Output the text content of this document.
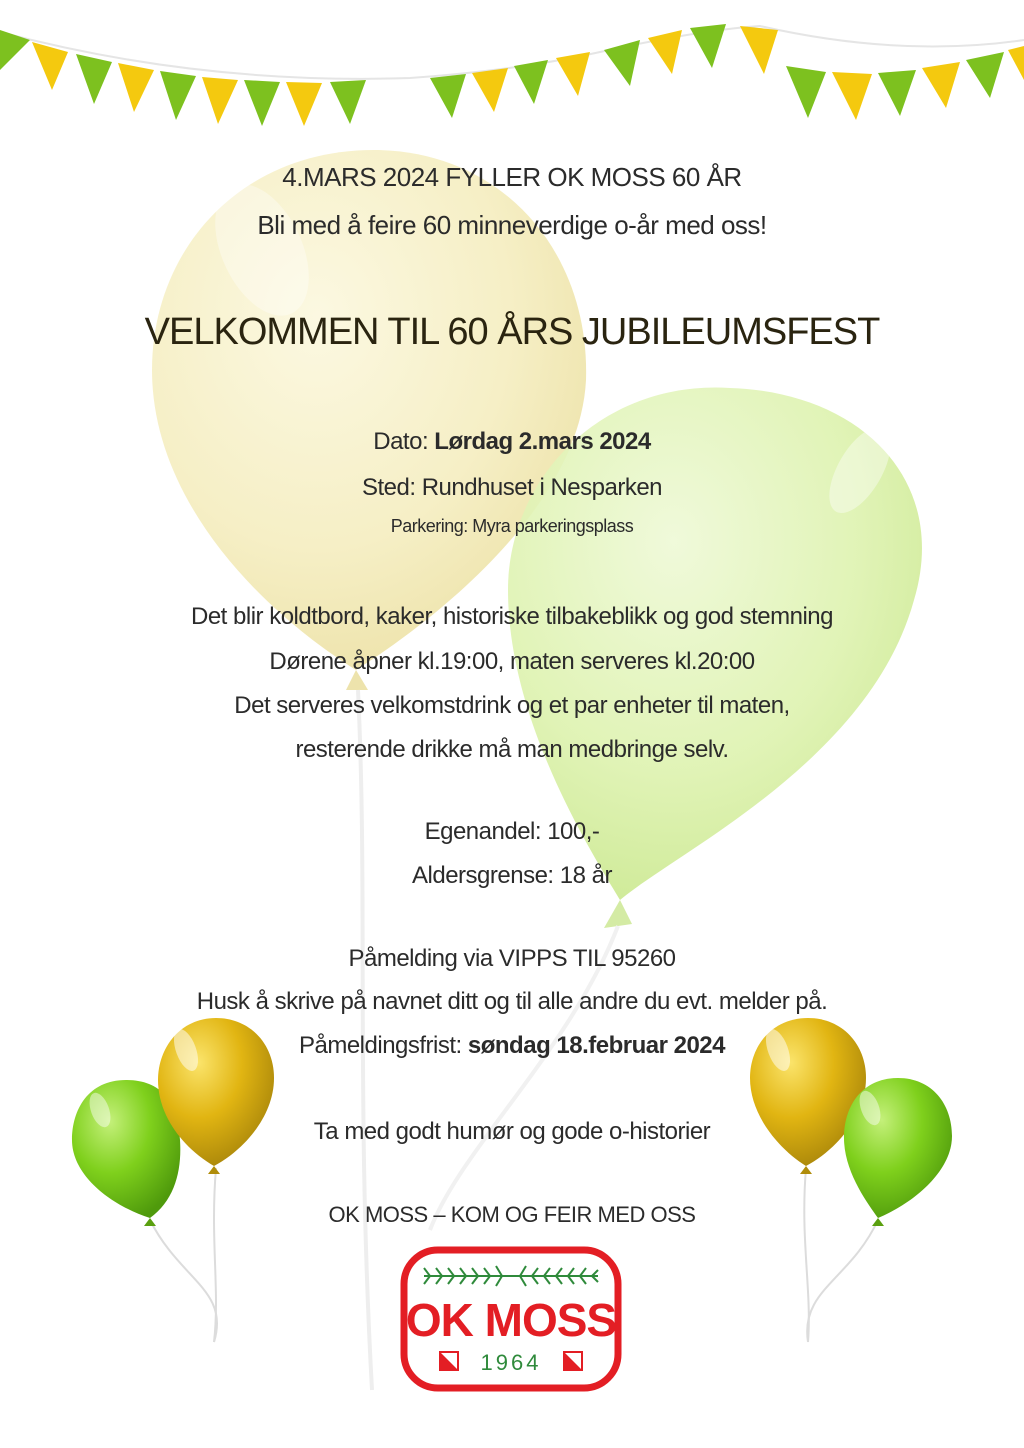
4.MARS 2024 FYLLER OK MOSS 60 ÅR
Bli med å feire 60 minneverdige o-år med oss!
VELKOMMEN TIL 60 ÅRS JUBILEUMSFEST
Dato: Lørdag 2.mars 2024
Sted: Rundhuset i Nesparken
Parkering: Myra parkeringsplass
Det blir koldtbord, kaker, historiske tilbakeblikk og god stemning
Dørene åpner kl.19:00, maten serveres kl.20:00
Det serveres velkomstdrink og et par enheter til maten,
resterende drikke må man medbringe selv.
Egenandel: 100,-
Aldersgrense: 18 år
Påmelding via VIPPS TIL 95260
Husk å skrive på navnet ditt og til alle andre du evt. melder på.
Påmeldingsfrist: søndag 18.februar 2024
Ta med godt humør og gode o-historier
OK MOSS – KOM OG FEIR MED OSS
OK MOSS
1964
